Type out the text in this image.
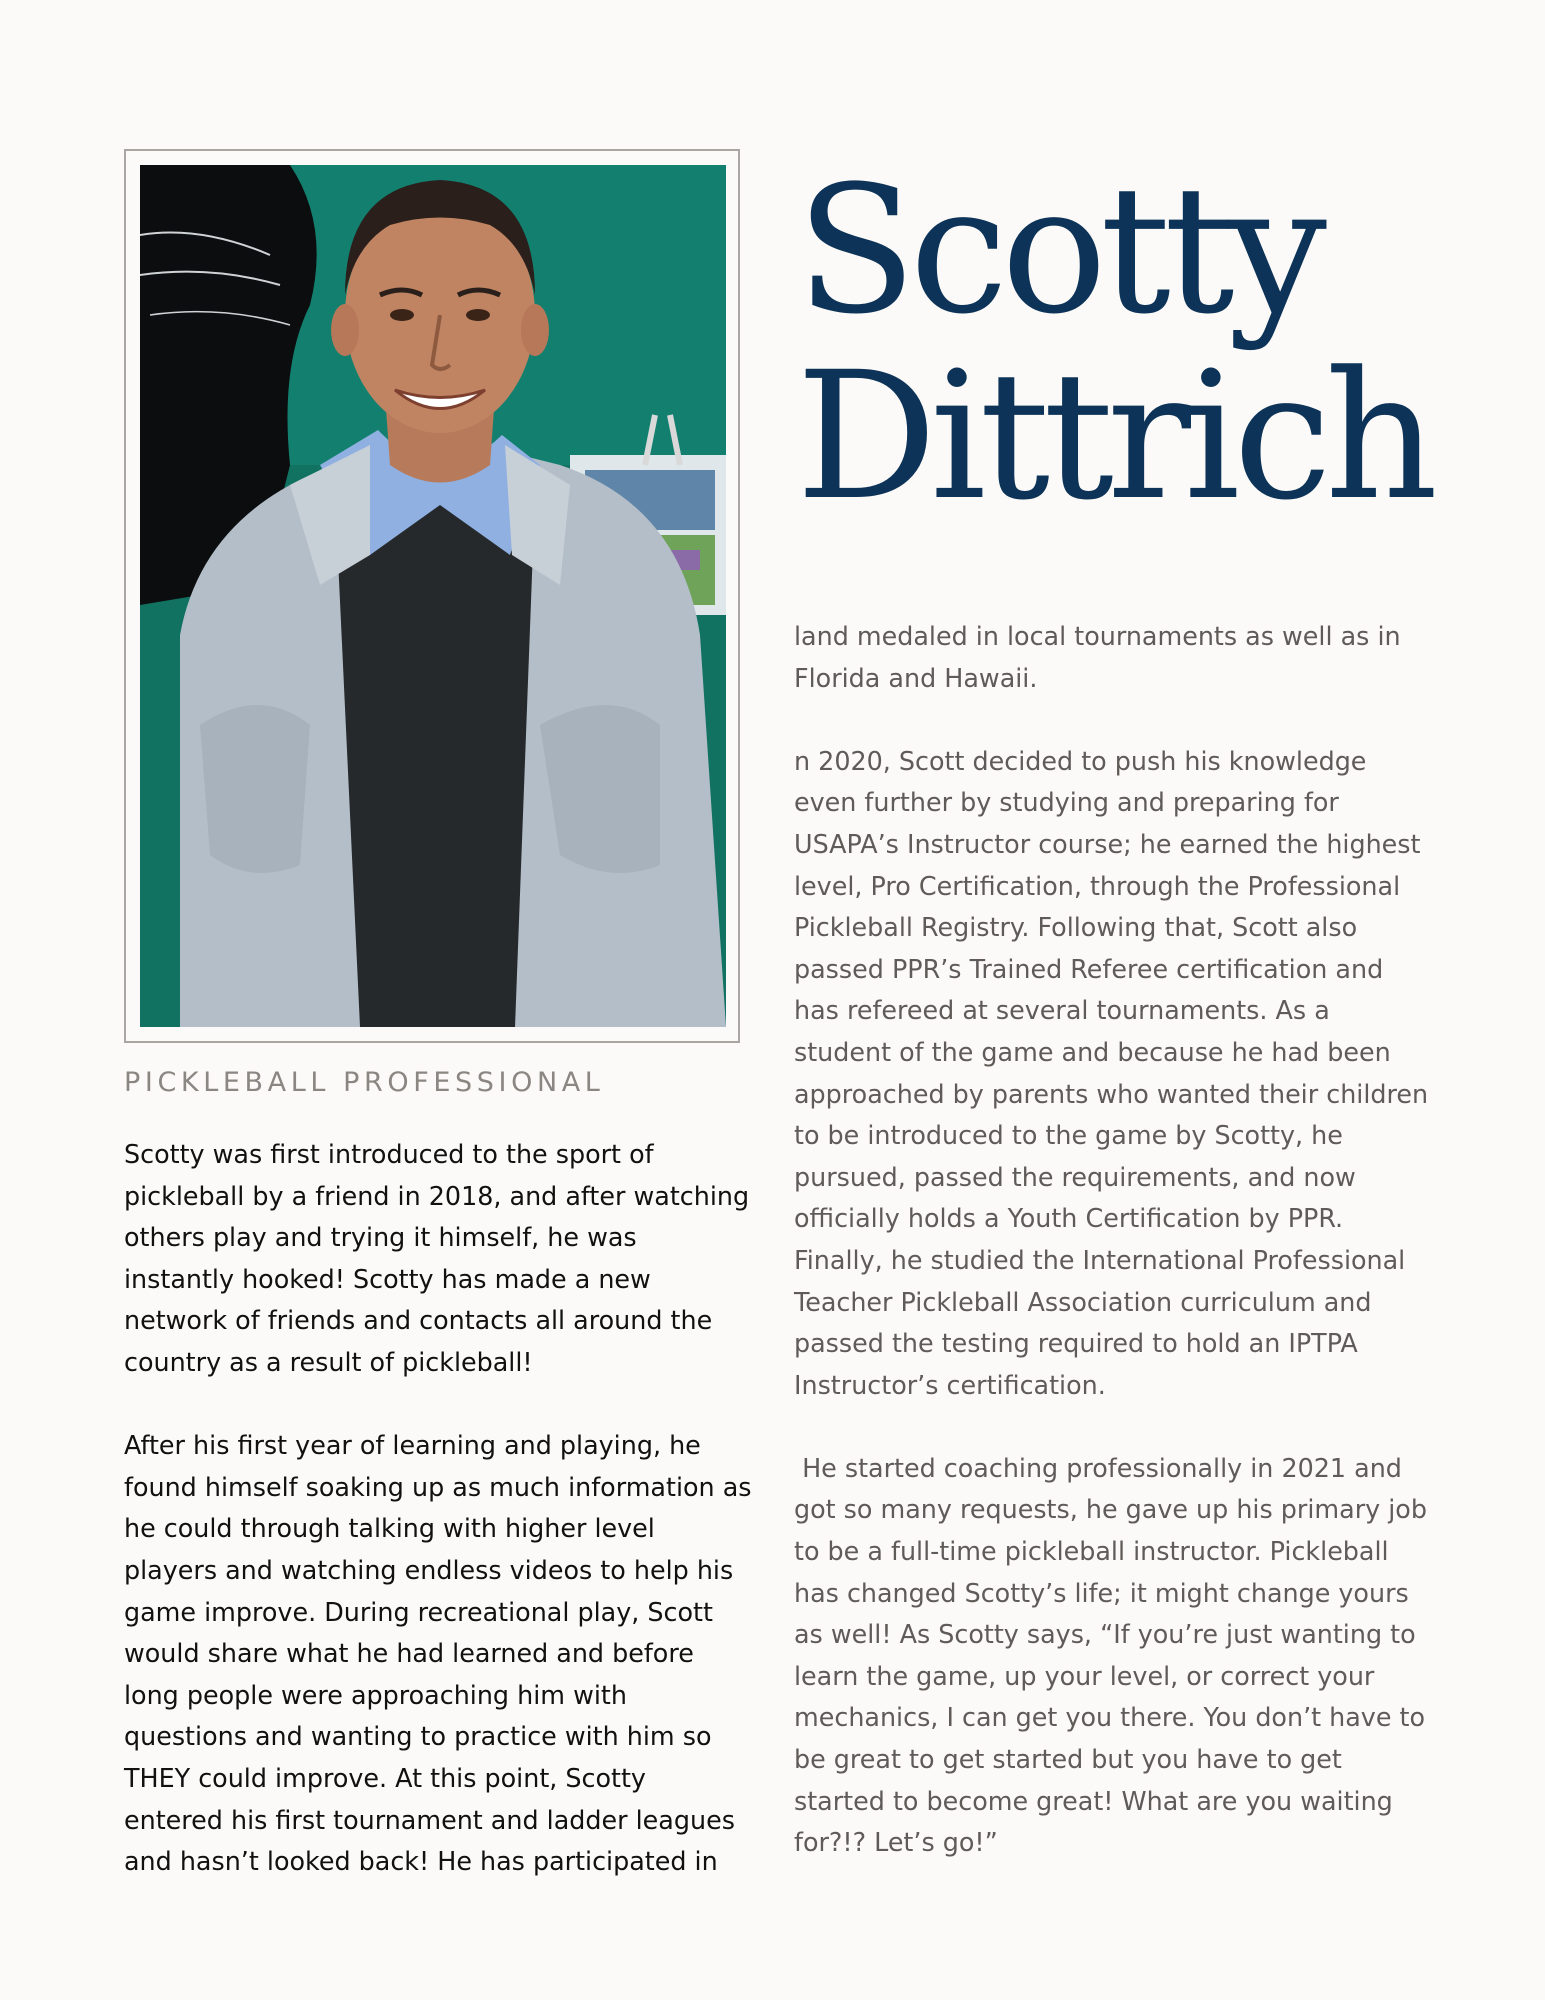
Scotty
Dittrich
PICKLEBALL PROFESSIONAL

Scotty was first introduced to the sport of pickleball by a friend in 2018, and after watching others play and trying it himself, he was instantly hooked! Scotty has made a new network of friends and contacts all around the country as a result of pickleball!

After his first year of learning and playing, he found himself soaking up as much information as he could through talking with higher level players and watching endless videos to help his game improve. During recreational play, Scott would share what he had learned and before long people were approaching him with questions and wanting to practice with him so THEY could improve. At this point, Scotty entered his first tournament and ladder leagues and hasn’t looked back! He has participated in

land medaled in local tournaments as well as in Florida and Hawaii.

n 2020, Scott decided to push his knowledge even further by studying and preparing for USAPA’s Instructor course; he earned the highest level, Pro Certification, through the Professional Pickleball Registry. Following that, Scott also passed PPR’s Trained Referee certification and has refereed at several tournaments. As a student of the game and because he had been approached by parents who wanted their children to be introduced to the game by Scotty, he pursued, passed the requirements, and now officially holds a Youth Certification by PPR. Finally, he studied the International Professional Teacher Pickleball Association curriculum and passed the testing required to hold an IPTPA Instructor’s certification.

He started coaching professionally in 2021 and got so many requests, he gave up his primary job to be a full-time pickleball instructor. Pickleball has changed Scotty’s life; it might change yours as well! As Scotty says, “If you’re just wanting to learn the game, up your level, or correct your mechanics, I can get you there. You don’t have to be great to get started but you have to get started to become great! What are you waiting for?!? Let’s go!”
